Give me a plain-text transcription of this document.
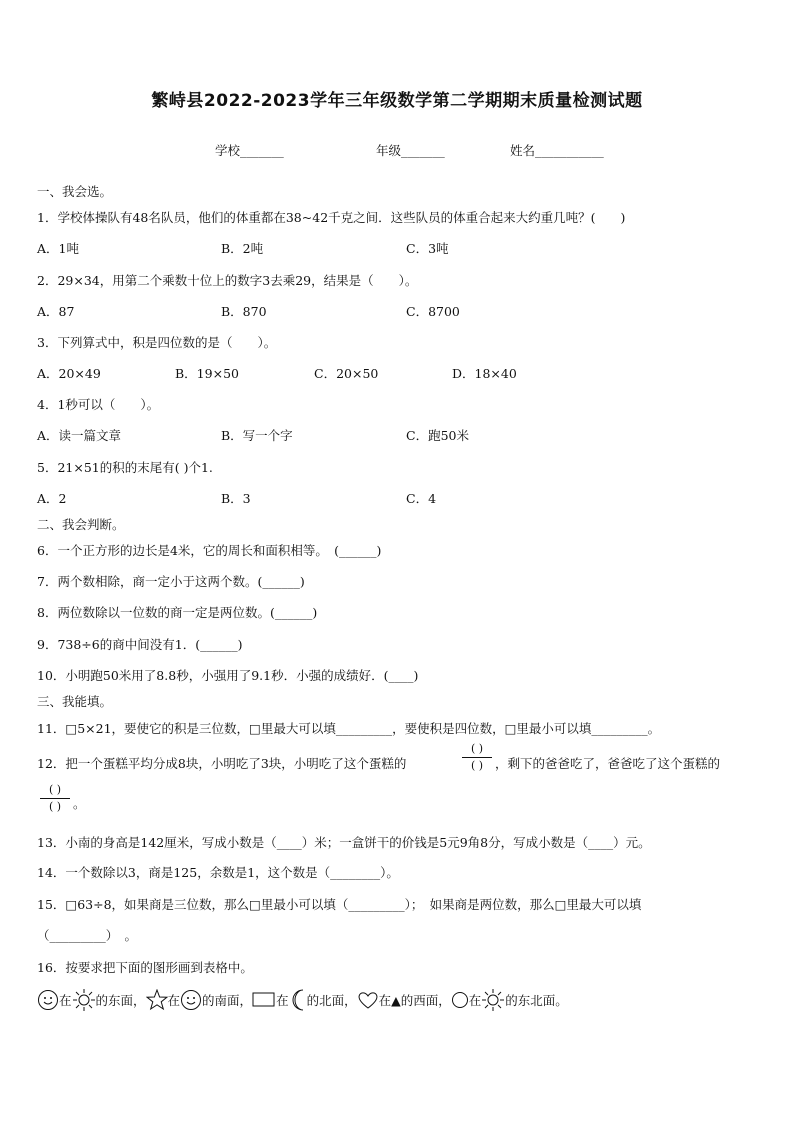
繁峙县2022-2023学年三年级数学第二学期期末质量检测试题
学校_______	年级_______	姓名___________
一、我会选。
1．学校体操队有48名队员，他们的体重都在38~42千克之间．这些队员的体重合起来大约重几吨？(　　)
A．1吨	B．2吨	C．3吨
2．29×34，用第二个乘数十位上的数字3去乘29，结果是（　　）。
A．87	B．870	C．8700
3．下列算式中，积是四位数的是（　　）。
A．20×49	B．19×50	C．20×50	D．18×40
4．1秒可以（　　）。
A．读一篇文章	B．写一个字	C．跑50米
5．21×51的积的末尾有( )个1.
A．2	B．3	C．4
二、我会判断。
6．一个正方形的边长是4米，它的周长和面积相等。　(______)
7．两个数相除，商一定小于这两个数。(______)
8．两位数除以一位数的商一定是两位数。(______)
9．738÷6的商中间没有1．(______)
10．小明跑50米用了8.8秒，小强用了9.1秒．小强的成绩好．(____)
三、我能填。
11．□5×21，要使它的积是三位数，□里最大可以填_________，要使积是四位数，□里最小可以填_________。
12．把一个蛋糕平均分成8块，小明吃了3块，小明吃了这个蛋糕的
( )
( ) ，剩下的爸爸吃了，爸爸吃了这个蛋糕的
( )
( ) 。
13．小南的身高是142厘米，写成小数是（____）米；一盒饼干的价钱是5元9角8分，写成小数是（____）元。
14．一个数除以3，商是125，余数是1，这个数是（________）。
15．□63÷8，如果商是三位数，那么□里最小可以填（_________）；　如果商是两位数，那么□里最大可以填
（_________）　。
16．按要求把下面的图形画到表格中。
在 的东面， 在 的南面， 在 的北面， 在▲的西面， 在 的东北面。
